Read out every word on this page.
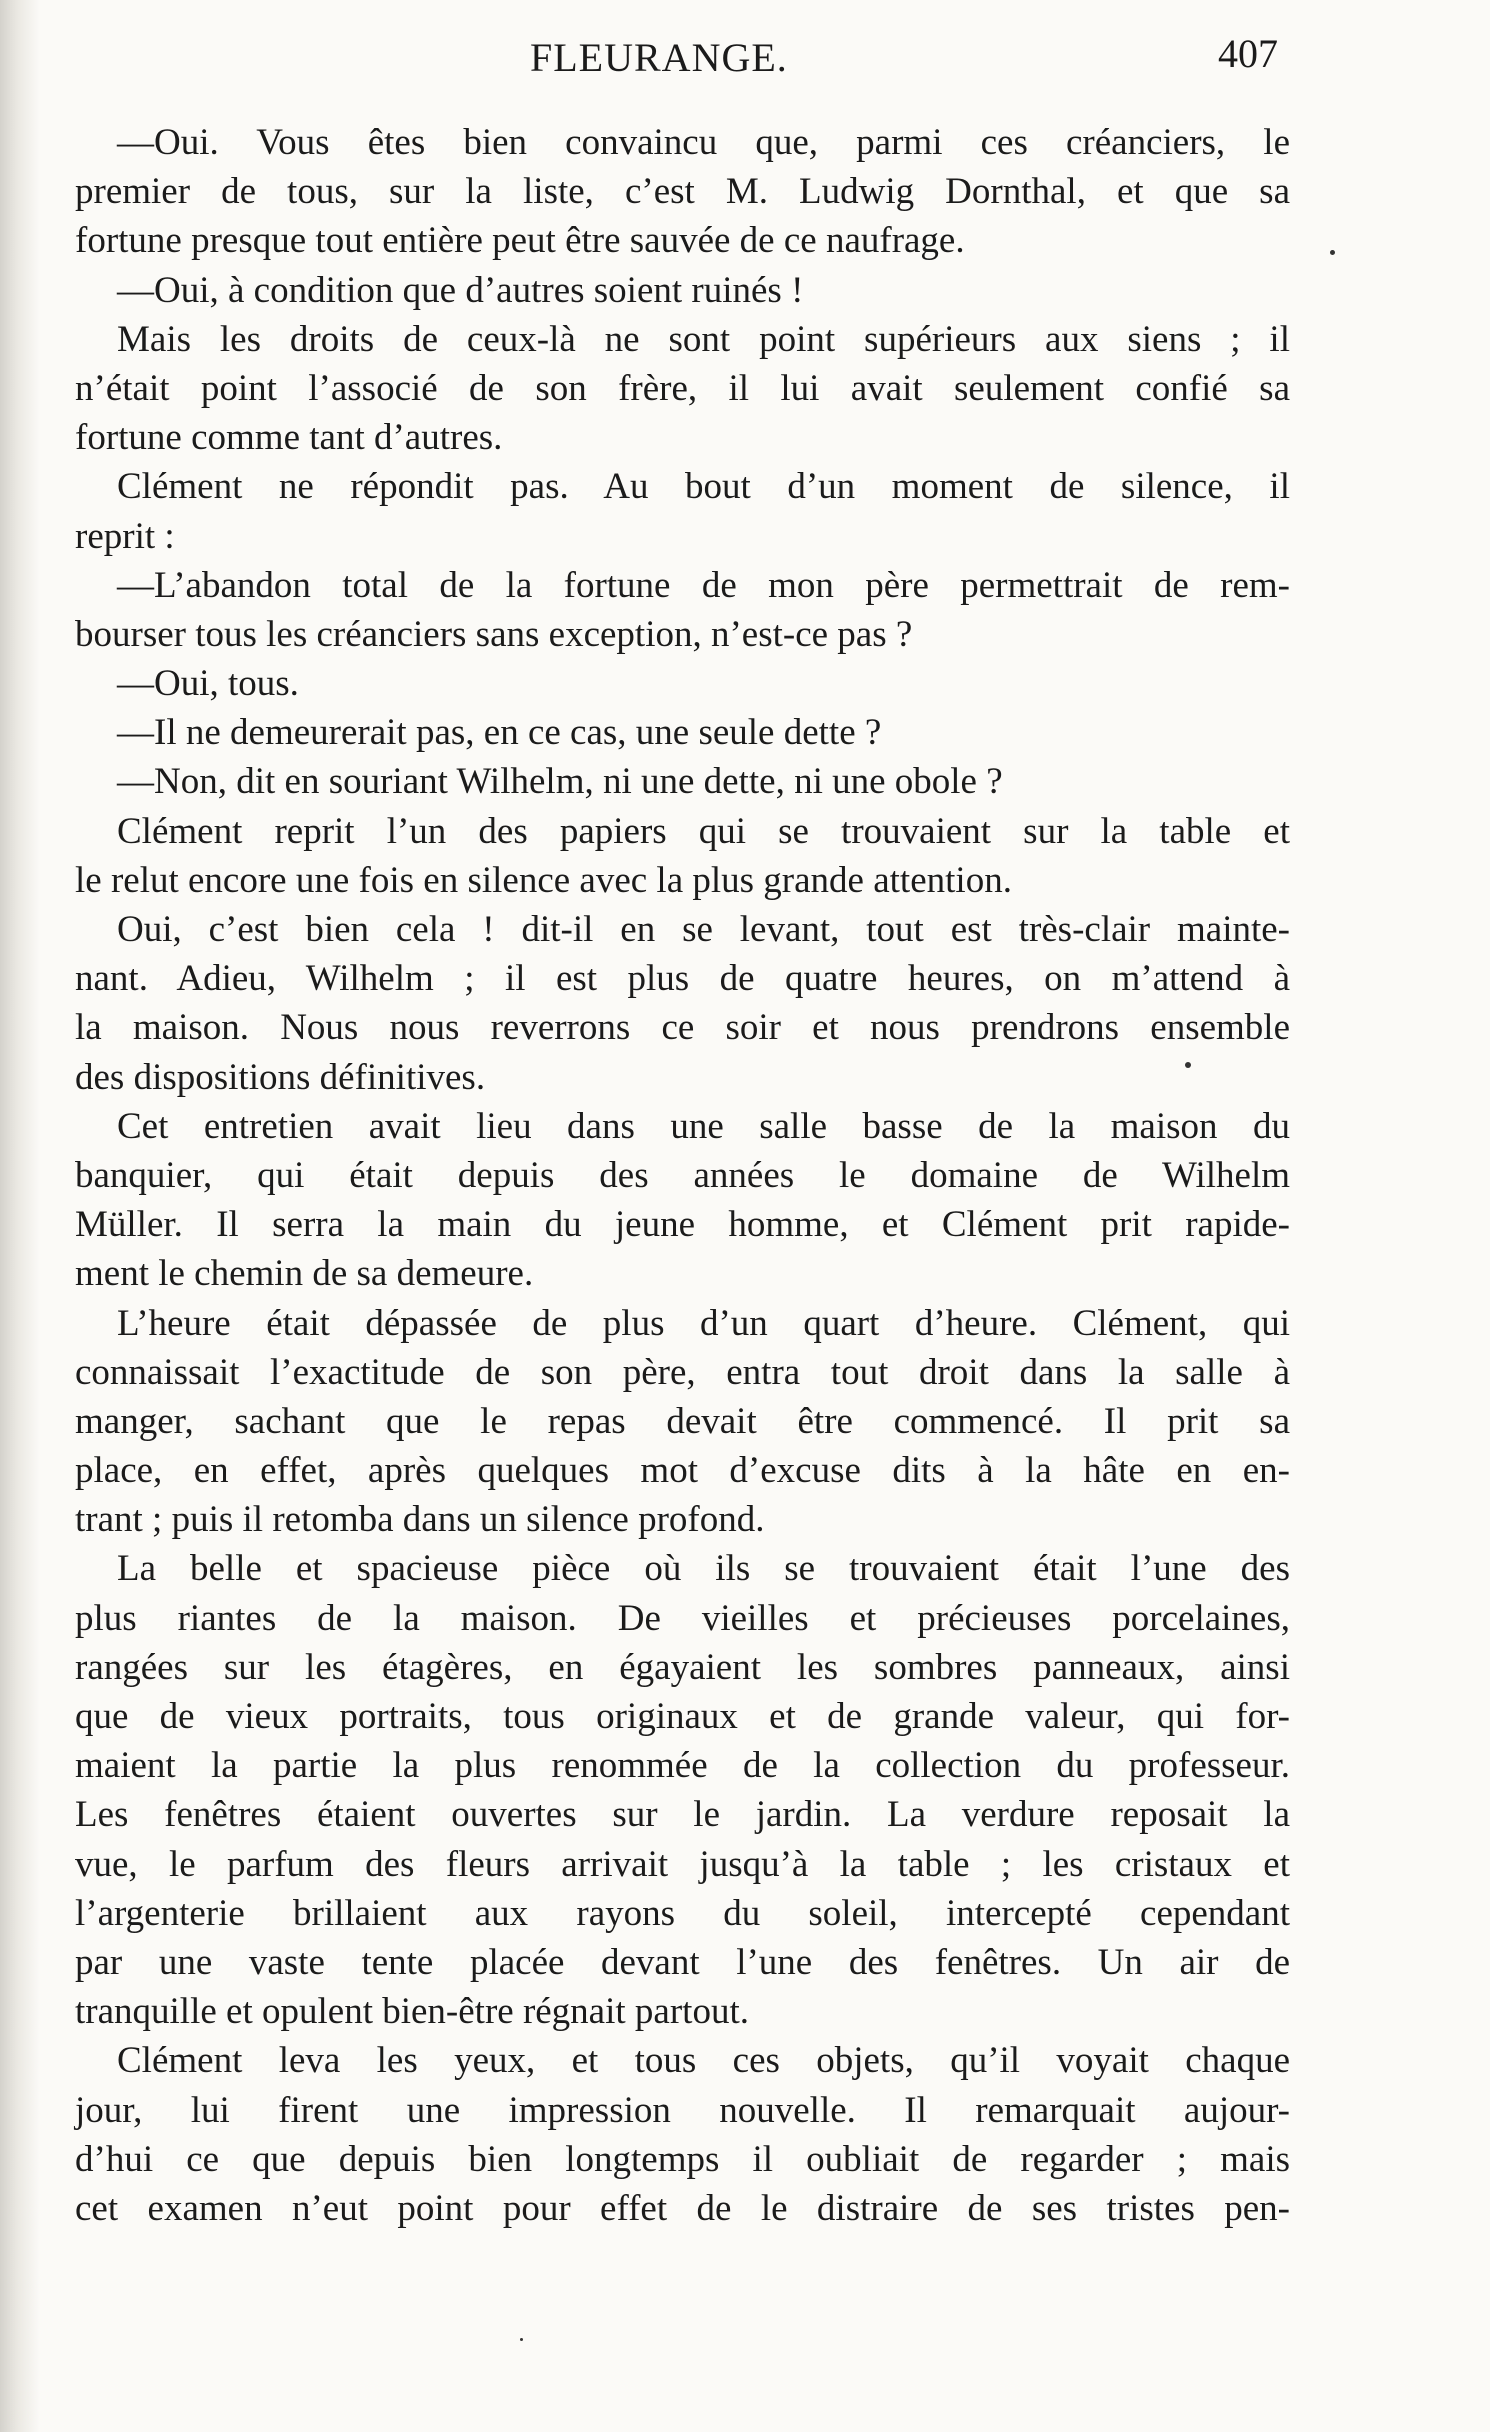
FLEURANGE.	407
—Oui. Vous êtes bien convaincu que, parmi ces créanciers, le
premier de tous, sur la liste, c’est M. Ludwig Dornthal, et que sa
fortune presque tout entière peut être sauvée de ce naufrage.
—Oui, à condition que d’autres soient ruinés !
Mais les droits de ceux-là ne sont point supérieurs aux siens ; il
n’était point l’associé de son frère, il lui avait seulement confié sa
fortune comme tant d’autres.
Clément ne répondit pas. Au bout d’un moment de silence, il
reprit :
—L’abandon total de la fortune de mon père permettrait de rem-
bourser tous les créanciers sans exception, n’est-ce pas ?
—Oui, tous.
—Il ne demeurerait pas, en ce cas, une seule dette ?
—Non, dit en souriant Wilhelm, ni une dette, ni une obole ?
Clément reprit l’un des papiers qui se trouvaient sur la table et
le relut encore une fois en silence avec la plus grande attention.
Oui, c’est bien cela ! dit-il en se levant, tout est très-clair mainte-
nant. Adieu, Wilhelm ; il est plus de quatre heures, on m’attend à
la maison. Nous nous reverrons ce soir et nous prendrons ensemble
des dispositions définitives.
Cet entretien avait lieu dans une salle basse de la maison du
banquier, qui était depuis des années le domaine de Wilhelm
Müller. Il serra la main du jeune homme, et Clément prit rapide-
ment le chemin de sa demeure.
L’heure était dépassée de plus d’un quart d’heure. Clément, qui
connaissait l’exactitude de son père, entra tout droit dans la salle à
manger, sachant que le repas devait être commencé. Il prit sa
place, en effet, après quelques mot d’excuse dits à la hâte en en-
trant ; puis il retomba dans un silence profond.
La belle et spacieuse pièce où ils se trouvaient était l’une des
plus riantes de la maison. De vieilles et précieuses porcelaines,
rangées sur les étagères, en égayaient les sombres panneaux, ainsi
que de vieux portraits, tous originaux et de grande valeur, qui for-
maient la partie la plus renommée de la collection du professeur.
Les fenêtres étaient ouvertes sur le jardin. La verdure reposait la
vue, le parfum des fleurs arrivait jusqu’à la table ; les cristaux et
l’argenterie brillaient aux rayons du soleil, intercepté cependant
par une vaste tente placée devant l’une des fenêtres. Un air de
tranquille et opulent bien-être régnait partout.
Clément leva les yeux, et tous ces objets, qu’il voyait chaque
jour, lui firent une impression nouvelle. Il remarquait aujour-
d’hui ce que depuis bien longtemps il oubliait de regarder ; mais
cet examen n’eut point pour effet de le distraire de ses tristes pen-
